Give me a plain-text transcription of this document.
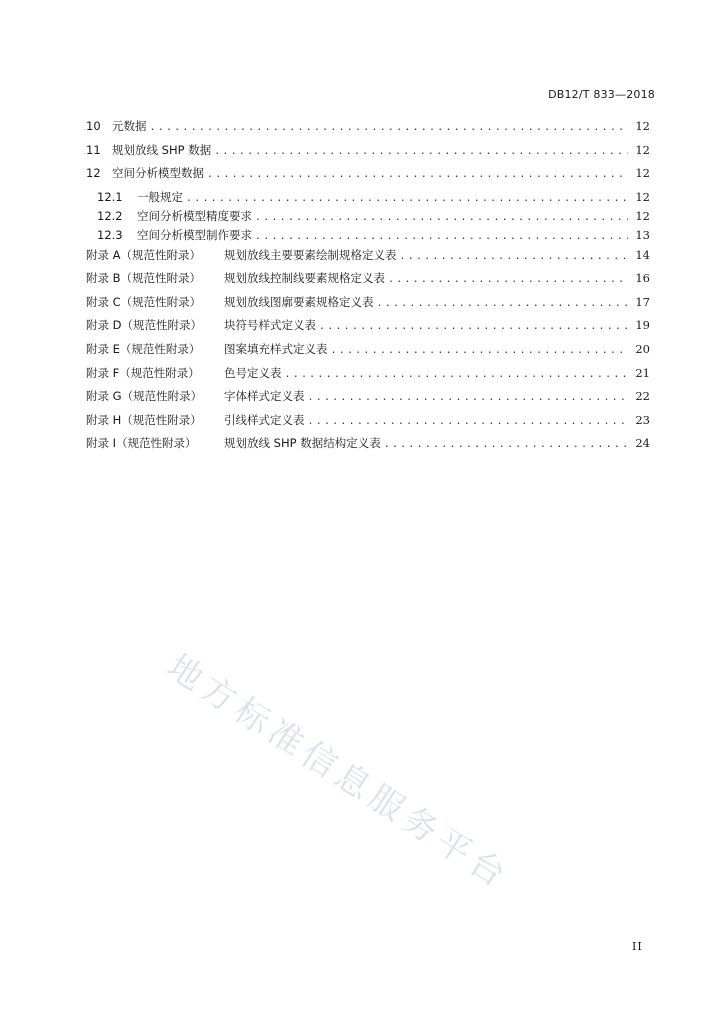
DB12/T 833—2018
10 元数据 .....	12
11 规划放线 SHP 数据 .....	12
12 空间分析模型数据 .....	12
12.1	一般规定 .....	12
12.2	空间分析模型精度要求 .....	12
12.3	空间分析模型制作要求 .....	13
附录 A（规范性附录）	规划放线主要要素绘制规格定义表 .....	14
附录 B（规范性附录）	规划放线控制线要素规格定义表 .....	16
附录 C（规范性附录）	规划放线图廓要素规格定义表 .....	17
附录 D（规范性附录）	块符号样式定义表 .....	19
附录 E（规范性附录）	图案填充样式定义表 .....	20
附录 F（规范性附录）	色号定义表 .....	21
附录 G（规范性附录）	字体样式定义表 .....	22
附录 H（规范性附录）	引线样式定义表 .....	23
附录 I（规范性附录）	规划放线 SHP 数据结构定义表 .....	24
地方标准信息服务平台
II
